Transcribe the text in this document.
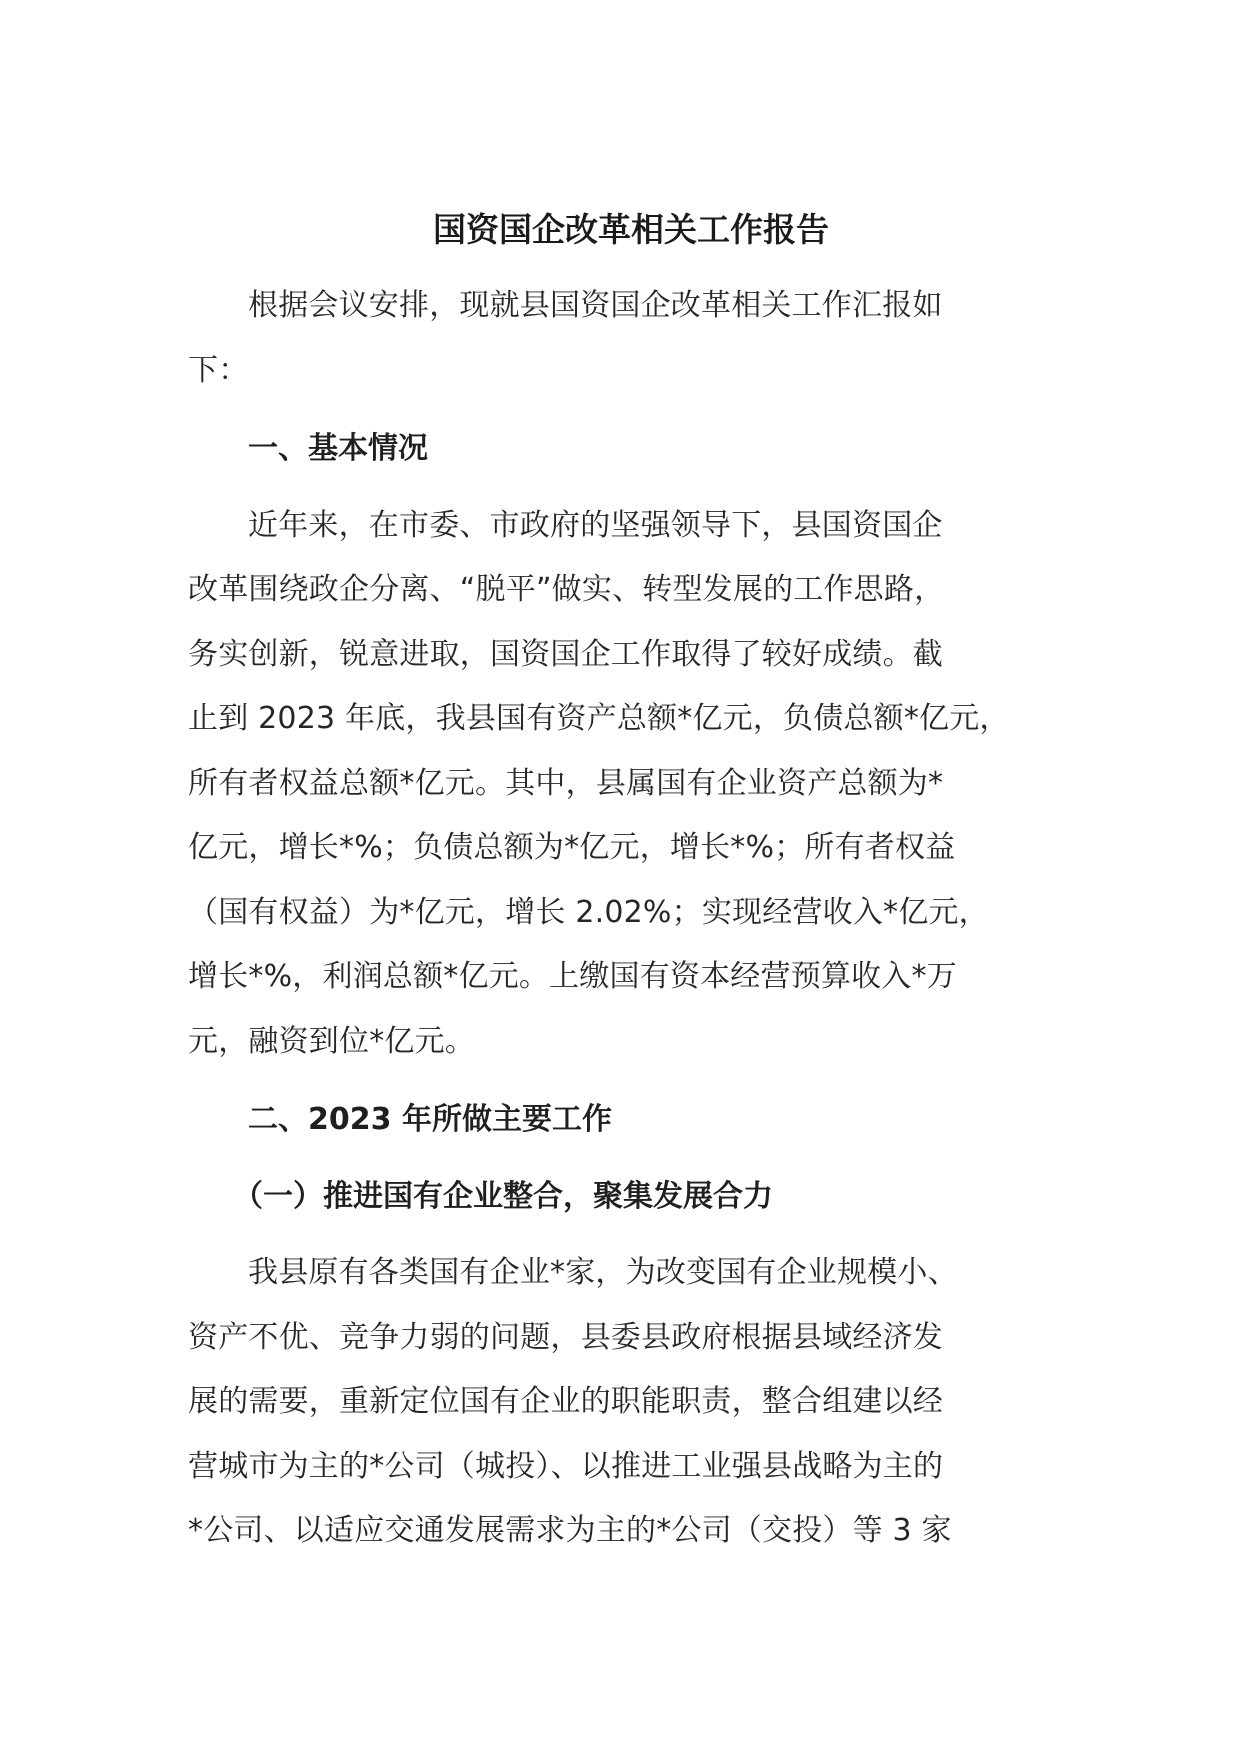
国资国企改革相关工作报告

根据会议安排，现就县国资国企改革相关工作汇报如
下：

一、基本情况

近年来，在市委、市政府的坚强领导下，县国资国企
改革围绕政企分离、“脱平”做实、转型发展的工作思路，
务实创新，锐意进取，国资国企工作取得了较好成绩。截
止到 2023 年底，我县国有资产总额*亿元，负债总额*亿元，
所有者权益总额*亿元。其中，县属国有企业资产总额为*
亿元，增长*%；负债总额为*亿元，增长*%；所有者权益
（国有权益）为*亿元，增长 2.02%；实现经营收入*亿元，
增长*%，利润总额*亿元。上缴国有资本经营预算收入*万
元，融资到位*亿元。

二、2023 年所做主要工作
（一）推进国有企业整合，聚集发展合力

我县原有各类国有企业*家，为改变国有企业规模小、
资产不优、竞争力弱的问题，县委县政府根据县域经济发
展的需要，重新定位国有企业的职能职责，整合组建以经
营城市为主的*公司（城投）、以推进工业强县战略为主的
*公司、以适应交通发展需求为主的*公司（交投）等 3 家
